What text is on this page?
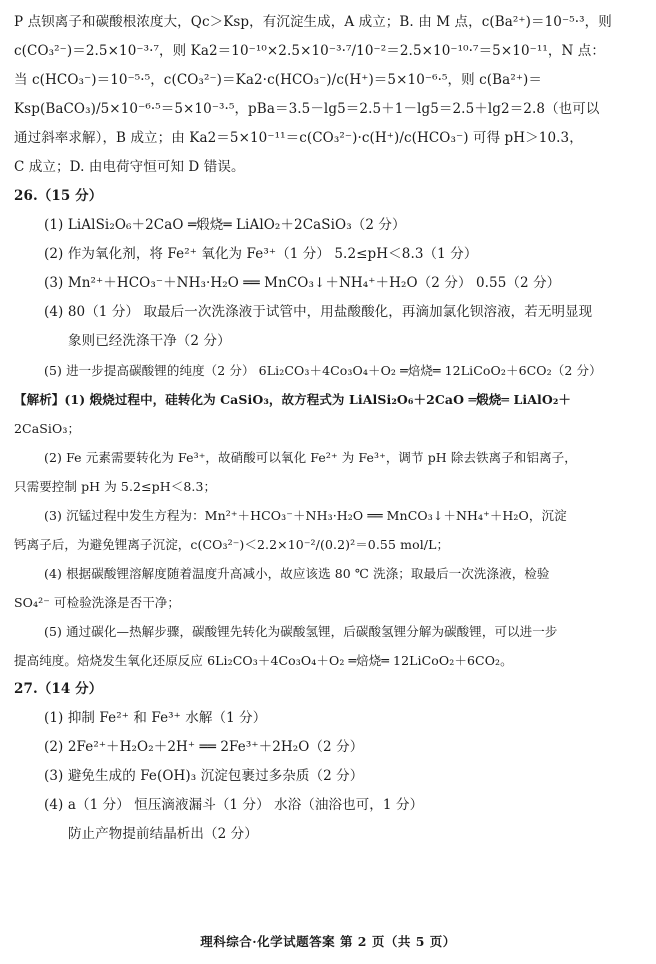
P 点钡离子和碳酸根浓度大，Qc＞Ksp，有沉淀生成，A 成立；B. 由 M 点，c(Ba²⁺)＝10⁻⁵·³，则
c(CO₃²⁻)＝2.5×10⁻³·⁷，则 Ka2＝10⁻¹⁰×2.5×10⁻³·⁷/10⁻²＝2.5×10⁻¹⁰·⁷＝5×10⁻¹¹，N 点：
当 c(HCO₃⁻)＝10⁻⁵·⁵，c(CO₃²⁻)＝Ka2·c(HCO₃⁻)/c(H⁺)＝5×10⁻⁶·⁵，则 c(Ba²⁺)＝
Ksp(BaCO₃)/5×10⁻⁶·⁵＝5×10⁻³·⁵，pBa＝3.5－lg5＝2.5＋1－lg5＝2.5＋lg2＝2.8（也可以
通过斜率求解），B 成立；由 Ka2＝5×10⁻¹¹＝c(CO₃²⁻)·c(H⁺)/c(HCO₃⁻) 可得 pH＞10.3，
C 成立；D. 由电荷守恒可知 D 错误。
26.（15 分）
(1) LiAlSi₂O₆＋2CaO ═煅烧═ LiAlO₂＋2CaSiO₃（2 分）
(2) 作为氧化剂，将 Fe²⁺ 氧化为 Fe³⁺（1 分） 5.2≤pH＜8.3（1 分）
(3) Mn²⁺＋HCO₃⁻＋NH₃·H₂O ══ MnCO₃↓＋NH₄⁺＋H₂O（2 分） 0.55（2 分）
(4) 80（1 分） 取最后一次洗涤液于试管中，用盐酸酸化，再滴加氯化钡溶液，若无明显现
象则已经洗涤干净（2 分）
(5) 进一步提高碳酸锂的纯度（2 分） 6Li₂CO₃＋4Co₃O₄＋O₂ ═焙烧═ 12LiCoO₂＋6CO₂（2 分）
【解析】(1) 煅烧过程中，硅转化为 CaSiO₃，故方程式为 LiAlSi₂O₆＋2CaO ═煅烧═ LiAlO₂＋
2CaSiO₃；
(2) Fe 元素需要转化为 Fe³⁺，故硝酸可以氧化 Fe²⁺ 为 Fe³⁺，调节 pH 除去铁离子和铝离子，
只需要控制 pH 为 5.2≤pH＜8.3；
(3) 沉锰过程中发生方程为：Mn²⁺＋HCO₃⁻＋NH₃·H₂O ══ MnCO₃↓＋NH₄⁺＋H₂O，沉淀
钙离子后，为避免锂离子沉淀，c(CO₃²⁻)＜2.2×10⁻²/(0.2)²＝0.55 mol/L；
(4) 根据碳酸锂溶解度随着温度升高减小，故应该选 80 ℃ 洗涤；取最后一次洗涤液，检验
SO₄²⁻ 可检验洗涤是否干净；
(5) 通过碳化—热解步骤，碳酸锂先转化为碳酸氢锂，后碳酸氢锂分解为碳酸锂，可以进一步
提高纯度。焙烧发生氧化还原反应 6Li₂CO₃＋4Co₃O₄＋O₂ ═焙烧═ 12LiCoO₂＋6CO₂。
27.（14 分）
(1) 抑制 Fe²⁺ 和 Fe³⁺ 水解（1 分）
(2) 2Fe²⁺＋H₂O₂＋2H⁺ ══ 2Fe³⁺＋2H₂O（2 分）
(3) 避免生成的 Fe(OH)₃ 沉淀包裹过多杂质（2 分）
(4) a（1 分） 恒压滴液漏斗（1 分） 水浴（油浴也可，1 分）
防止产物提前结晶析出（2 分）
理科综合·化学试题答案 第 2 页（共 5 页）
